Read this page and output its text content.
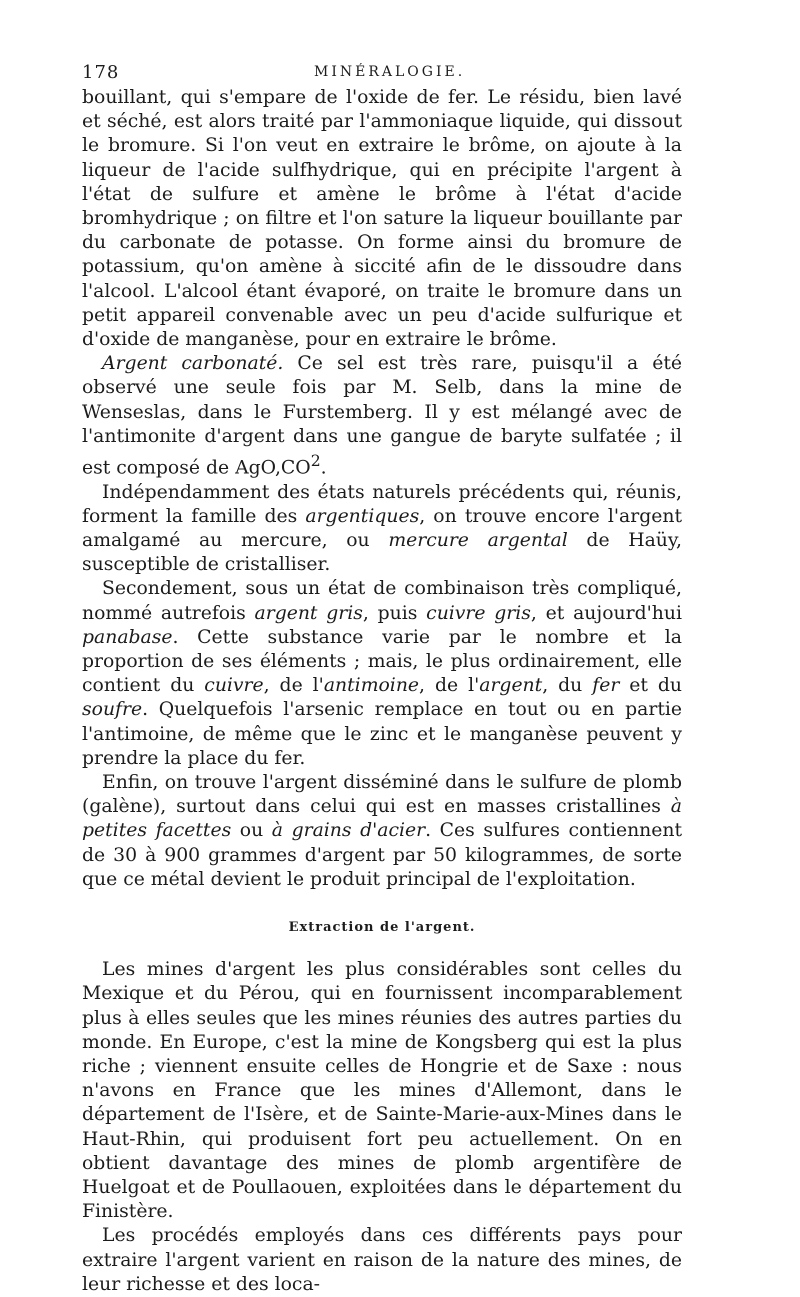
178	MINÉRALOGIE.

bouillant, qui s'empare de l'oxide de fer. Le résidu, bien lavé et séché, est alors traité par l'ammoniaque liquide, qui dissout le bromure. Si l'on veut en extraire le brôme, on ajoute à la liqueur de l'acide sulfhydrique, qui en précipite l'argent à l'état de sulfure et amène le brôme à l'état d'acide bromhydrique ; on filtre et l'on sature la liqueur bouillante par du carbonate de potasse. On forme ainsi du bromure de potassium, qu'on amène à siccité afin de le dissoudre dans l'alcool. L'alcool étant évaporé, on traite le bromure dans un petit appareil convenable avec un peu d'acide sulfurique et d'oxide de manganèse, pour en extraire le brôme.

Argent carbonaté. Ce sel est très rare, puisqu'il a été observé une seule fois par M. Selb, dans la mine de Wenseslas, dans le Furstemberg. Il y est mélangé avec de l'antimonite d'argent dans une gangue de baryte sulfatée ; il est composé de $AgO,CO^2$.

Indépendamment des états naturels précédents qui, réunis, forment la famille des argentiques, on trouve encore l'argent amalgamé au mercure, ou mercure argental de Haüy, susceptible de cristalliser.

Secondement, sous un état de combinaison très compliqué, nommé autrefois argent gris, puis cuivre gris, et aujourd'hui panabase. Cette substance varie par le nombre et la proportion de ses éléments ; mais, le plus ordinairement, elle contient du cuivre, de l'antimoine, de l'argent, du fer et du soufre. Quelquefois l'arsenic remplace en tout ou en partie l'antimoine, de même que le zinc et le manganèse peuvent y prendre la place du fer.

Enfin, on trouve l'argent disséminé dans le sulfure de plomb (galène), surtout dans celui qui est en masses cristallines à petites facettes ou à grains d'acier. Ces sulfures contiennent de 30 à 900 grammes d'argent par 50 kilogrammes, de sorte que ce métal devient le produit principal de l'exploitation.

Extraction de l'argent.

Les mines d'argent les plus considérables sont celles du Mexique et du Pérou, qui en fournissent incomparablement plus à elles seules que les mines réunies des autres parties du monde. En Europe, c'est la mine de Kongsberg qui est la plus riche ; viennent ensuite celles de Hongrie et de Saxe : nous n'avons en France que les mines d'Allemont, dans le département de l'Isère, et de Sainte-Marie-aux-Mines dans le Haut-Rhin, qui produisent fort peu actuellement. On en obtient davantage des mines de plomb argentifère de Huelgoat et de Poullaouen, exploitées dans le département du Finistère.

Les procédés employés dans ces différents pays pour extraire l'argent varient en raison de la nature des mines, de leur richesse et des loca-
